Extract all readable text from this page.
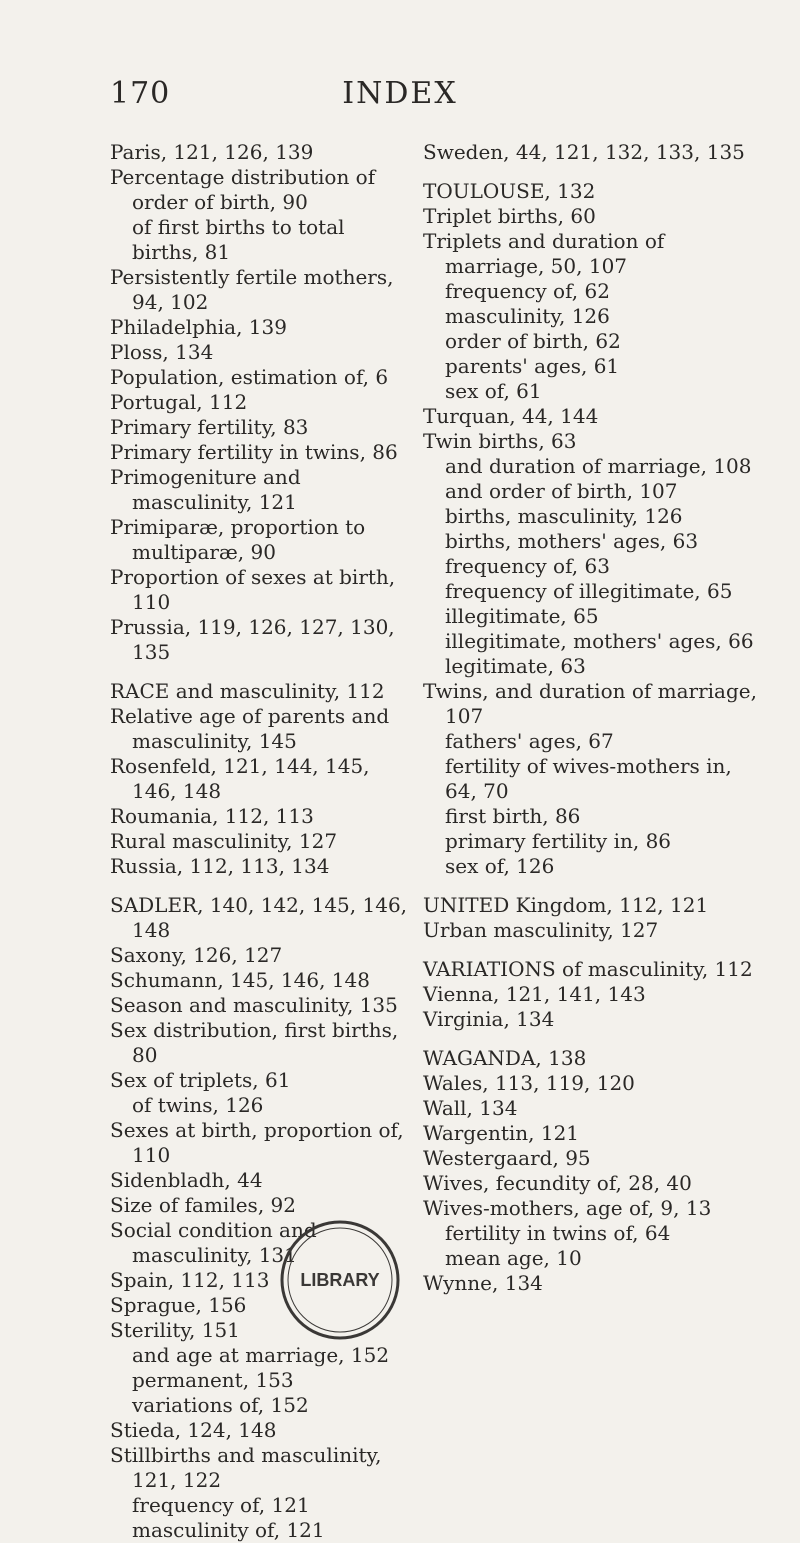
170	INDEX
Paris, 121, 126, 139
Percentage distribution of order of birth, 90
of first births to total births, 81
Persistently fertile mothers, 94, 102
Philadelphia, 139
Ploss, 134
Population, estimation of, 6
Portugal, 112
Primary fertility, 83
Primary fertility in twins, 86
Primogeniture and masculinity, 121
Primiparæ, proportion to multiparæ, 90
Proportion of sexes at birth, 110
Prussia, 119, 126, 127, 130, 135
RACE and masculinity, 112
Relative age of parents and masculinity, 145
Rosenfeld, 121, 144, 145, 146, 148
Roumania, 112, 113
Rural masculinity, 127
Russia, 112, 113, 134
SADLER, 140, 142, 145, 146, 148
Saxony, 126, 127
Schumann, 145, 146, 148
Season and masculinity, 135
Sex distribution, first births, 80
Sex of triplets, 61
of twins, 126
Sexes at birth, proportion of, 110
Sidenbladh, 44
Size of familes, 92
Social condition and masculinity, 131
Spain, 112, 113
Sprague, 156
Sterility, 151
and age at marriage, 152
permanent, 153
variations of, 152
Stieda, 124, 148
Stillbirths and masculinity, 121, 122
frequency of, 121
masculinity of, 121
Sweden, 44, 121, 132, 133, 135
TOULOUSE, 132
Triplet births, 60
Triplets and duration of marriage, 50, 107
frequency of, 62
masculinity, 126
order of birth, 62
parents' ages, 61
sex of, 61
Turquan, 44, 144
Twin births, 63
and duration of marriage, 108
and order of birth, 107
births, masculinity, 126
births, mothers' ages, 63
frequency of, 63
frequency of illegitimate, 65
illegitimate, 65
illegitimate, mothers' ages, 66
legitimate, 63
Twins, and duration of marriage, 107
fathers' ages, 67
fertility of wives-mothers in, 64, 70
first birth, 86
primary fertility in, 86
sex of, 126
UNITED Kingdom, 112, 121
Urban masculinity, 127
VARIATIONS of masculinity, 112
Vienna, 121, 141, 143
Virginia, 134
WAGANDA, 138
Wales, 113, 119, 120
Wall, 134
Wargentin, 121
Westergaard, 95
Wives, fecundity of, 28, 40
Wives-mothers, age of, 9, 13
fertility in twins of, 64
mean age, 10
Wynne, 134
LIBRARY
